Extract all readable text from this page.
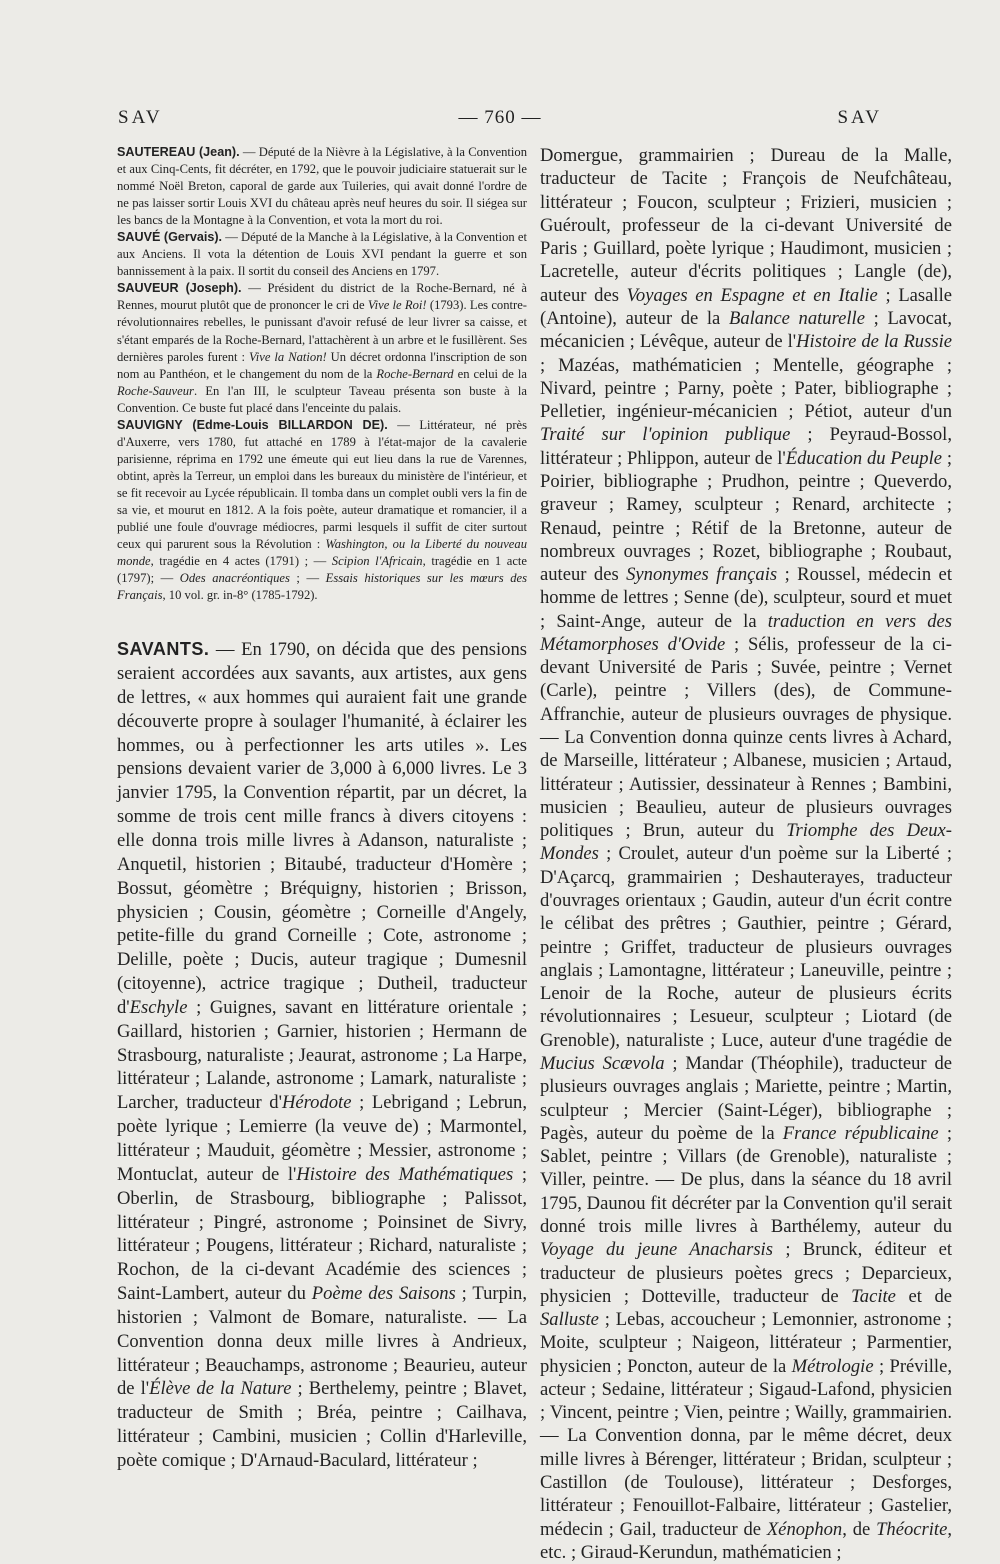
SAV	— 760 —	SAV

SAUTEREAU (Jean). — Député de la Nièvre à la Législative, à la Convention et aux Cinq-Cents, fit décréter, en 1792, que le pouvoir judiciaire statuerait sur le nommé Noël Breton, caporal de garde aux Tuileries, qui avait donné l'ordre de ne pas laisser sortir Louis XVI du château après neuf heures du soir. Il siégea sur les bancs de la Montagne à la Convention, et vota la mort du roi.

SAUVÉ (Gervais). — Député de la Manche à la Législative, à la Convention et aux Anciens. Il vota la détention de Louis XVI pendant la guerre et son bannissement à la paix. Il sortit du conseil des Anciens en 1797.

SAUVEUR (Joseph). — Président du district de la Roche-Bernard, né à Rennes, mourut plutôt que de prononcer le cri de Vive le Roi! (1793). Les contre-révolutionnaires rebelles, le punissant d'avoir refusé de leur livrer sa caisse, et s'étant emparés de la Roche-Bernard, l'attachèrent à un arbre et le fusillèrent. Ses dernières paroles furent : Vive la Nation! Un décret ordonna l'inscription de son nom au Panthéon, et le changement du nom de la Roche-Bernard en celui de la Roche-Sauveur. En l'an III, le sculpteur Taveau présenta son buste à la Convention. Ce buste fut placé dans l'enceinte du palais.

SAUVIGNY (Edme-Louis BILLARDON DE). — Littérateur, né près d'Auxerre, vers 1780, fut attaché en 1789 à l'état-major de la cavalerie parisienne, réprima en 1792 une émeute qui eut lieu dans la rue de Varennes, obtint, après la Terreur, un emploi dans les bureaux du ministère de l'intérieur, et se fit recevoir au Lycée républicain. Il tomba dans un complet oubli vers la fin de sa vie, et mourut en 1812. A la fois poète, auteur dramatique et romancier, il a publié une foule d'ouvrage médiocres, parmi lesquels il suffit de citer surtout ceux qui parurent sous la Révolution : Washington, ou la Liberté du nouveau monde, tragédie en 4 actes (1791) ; — Scipion l'Africain, tragédie en 1 acte (1797); — Odes anacréontiques ; — Essais historiques sur les mœurs des Français, 10 vol. gr. in-8° (1785-1792).

SAVANTS. — En 1790, on décida que des pensions seraient accordées aux savants, aux artistes, aux gens de lettres, « aux hommes qui auraient fait une grande découverte propre à soulager l'humanité, à éclairer les hommes, ou à perfectionner les arts utiles ». Les pensions devaient varier de 3,000 à 6,000 livres. Le 3 janvier 1795, la Convention répartit, par un décret, la somme de trois cent mille francs à divers citoyens : elle donna trois mille livres à Adanson, naturaliste ; Anquetil, historien ; Bitaubé, traducteur d'Homère ; Bossut, géomètre ; Bréquigny, historien ; Brisson, physicien ; Cousin, géomètre ; Corneille d'Angely, petite-fille du grand Corneille ; Cote, astronome ; Delille, poète ; Ducis, auteur tragique ; Dumesnil (citoyenne), actrice tragique ; Dutheil, traducteur d'Eschyle ; Guignes, savant en littérature orientale ; Gaillard, historien ; Garnier, historien ; Hermann de Strasbourg, naturaliste ; Jeaurat, astronome ; La Harpe, littérateur ; Lalande, astronome ; Lamark, naturaliste ; Larcher, traducteur d'Hérodote ; Lebrigand ; Lebrun, poète lyrique ; Lemierre (la veuve de) ; Marmontel, littérateur ; Mauduit, géomètre ; Messier, astronome ; Montuclat, auteur de l'Histoire des Mathématiques ; Oberlin, de Strasbourg, bibliographe ; Palissot, littérateur ; Pingré, astronome ; Poinsinet de Sivry, littérateur ; Pougens, littérateur ; Richard, naturaliste ; Rochon, de la ci-devant Académie des sciences ; Saint-Lambert, auteur du Poème des Saisons ; Turpin, historien ; Valmont de Bomare, naturaliste. — La Convention donna deux mille livres à Andrieux, littérateur ; Beauchamps, astronome ; Beaurieu, auteur de l'Élève de la Nature ; Berthelemy, peintre ; Blavet, traducteur de Smith ; Bréa, peintre ; Cailhava, littérateur ; Cambini, musicien ; Collin d'Harleville, poète comique ; D'Arnaud-Baculard, littérateur ;

Domergue, grammairien ; Dureau de la Malle, traducteur de Tacite ; François de Neufchâteau, littérateur ; Foucon, sculpteur ; Frizieri, musicien ; Guéroult, professeur de la ci-devant Université de Paris ; Guillard, poète lyrique ; Haudimont, musicien ; Lacretelle, auteur d'écrits politiques ; Langle (de), auteur des Voyages en Espagne et en Italie ; Lasalle (Antoine), auteur de la Balance naturelle ; Lavocat, mécanicien ; Lévêque, auteur de l'Histoire de la Russie ; Mazéas, mathématicien ; Mentelle, géographe ; Nivard, peintre ; Parny, poète ; Pater, bibliographe ; Pelletier, ingénieur-mécanicien ; Pétiot, auteur d'un Traité sur l'opinion publique ; Peyraud-Bossol, littérateur ; Phlippon, auteur de l'Éducation du Peuple ; Poirier, bibliographe ; Prudhon, peintre ; Queverdo, graveur ; Ramey, sculpteur ; Renard, architecte ; Renaud, peintre ; Rétif de la Bretonne, auteur de nombreux ouvrages ; Rozet, bibliographe ; Roubaut, auteur des Synonymes français ; Roussel, médecin et homme de lettres ; Senne (de), sculpteur, sourd et muet ; Saint-Ange, auteur de la traduction en vers des Métamorphoses d'Ovide ; Sélis, professeur de la ci-devant Université de Paris ; Suvée, peintre ; Vernet (Carle), peintre ; Villers (des), de Commune-Affranchie, auteur de plusieurs ouvrages de physique. — La Convention donna quinze cents livres à Achard, de Marseille, littérateur ; Albanese, musicien ; Artaud, littérateur ; Autissier, dessinateur à Rennes ; Bambini, musicien ; Beaulieu, auteur de plusieurs ouvrages politiques ; Brun, auteur du Triomphe des Deux-Mondes ; Croulet, auteur d'un poème sur la Liberté ; D'Açarcq, grammairien ; Deshauterayes, traducteur d'ouvrages orientaux ; Gaudin, auteur d'un écrit contre le célibat des prêtres ; Gauthier, peintre ; Gérard, peintre ; Griffet, traducteur de plusieurs ouvrages anglais ; Lamontagne, littérateur ; Laneuville, peintre ; Lenoir de la Roche, auteur de plusieurs écrits révolutionnaires ; Lesueur, sculpteur ; Liotard (de Grenoble), naturaliste ; Luce, auteur d'une tragédie de Mucius Scævola ; Mandar (Théophile), traducteur de plusieurs ouvrages anglais ; Mariette, peintre ; Martin, sculpteur ; Mercier (Saint-Léger), bibliographe ; Pagès, auteur du poème de la France républicaine ; Sablet, peintre ; Villars (de Grenoble), naturaliste ; Viller, peintre. — De plus, dans la séance du 18 avril 1795, Daunou fit décréter par la Convention qu'il serait donné trois mille livres à Barthélemy, auteur du Voyage du jeune Anacharsis ; Brunck, éditeur et traducteur de plusieurs poètes grecs ; Deparcieux, physicien ; Dotteville, traducteur de Tacite et de Salluste ; Lebas, accoucheur ; Lemonnier, astronome ; Moite, sculpteur ; Naigeon, littérateur ; Parmentier, physicien ; Poncton, auteur de la Métrologie ; Préville, acteur ; Sedaine, littérateur ; Sigaud-Lafond, physicien ; Vincent, peintre ; Vien, peintre ; Wailly, grammairien. — La Convention donna, par le même décret, deux mille livres à Bérenger, littérateur ; Bridan, sculpteur ; Castillon (de Toulouse), littérateur ; Desforges, littérateur ; Fenouillot-Falbaire, littérateur ; Gastelier, médecin ; Gail, traducteur de Xénophon, de Théocrite, etc. ; Giraud-Kerundun, mathématicien ;
